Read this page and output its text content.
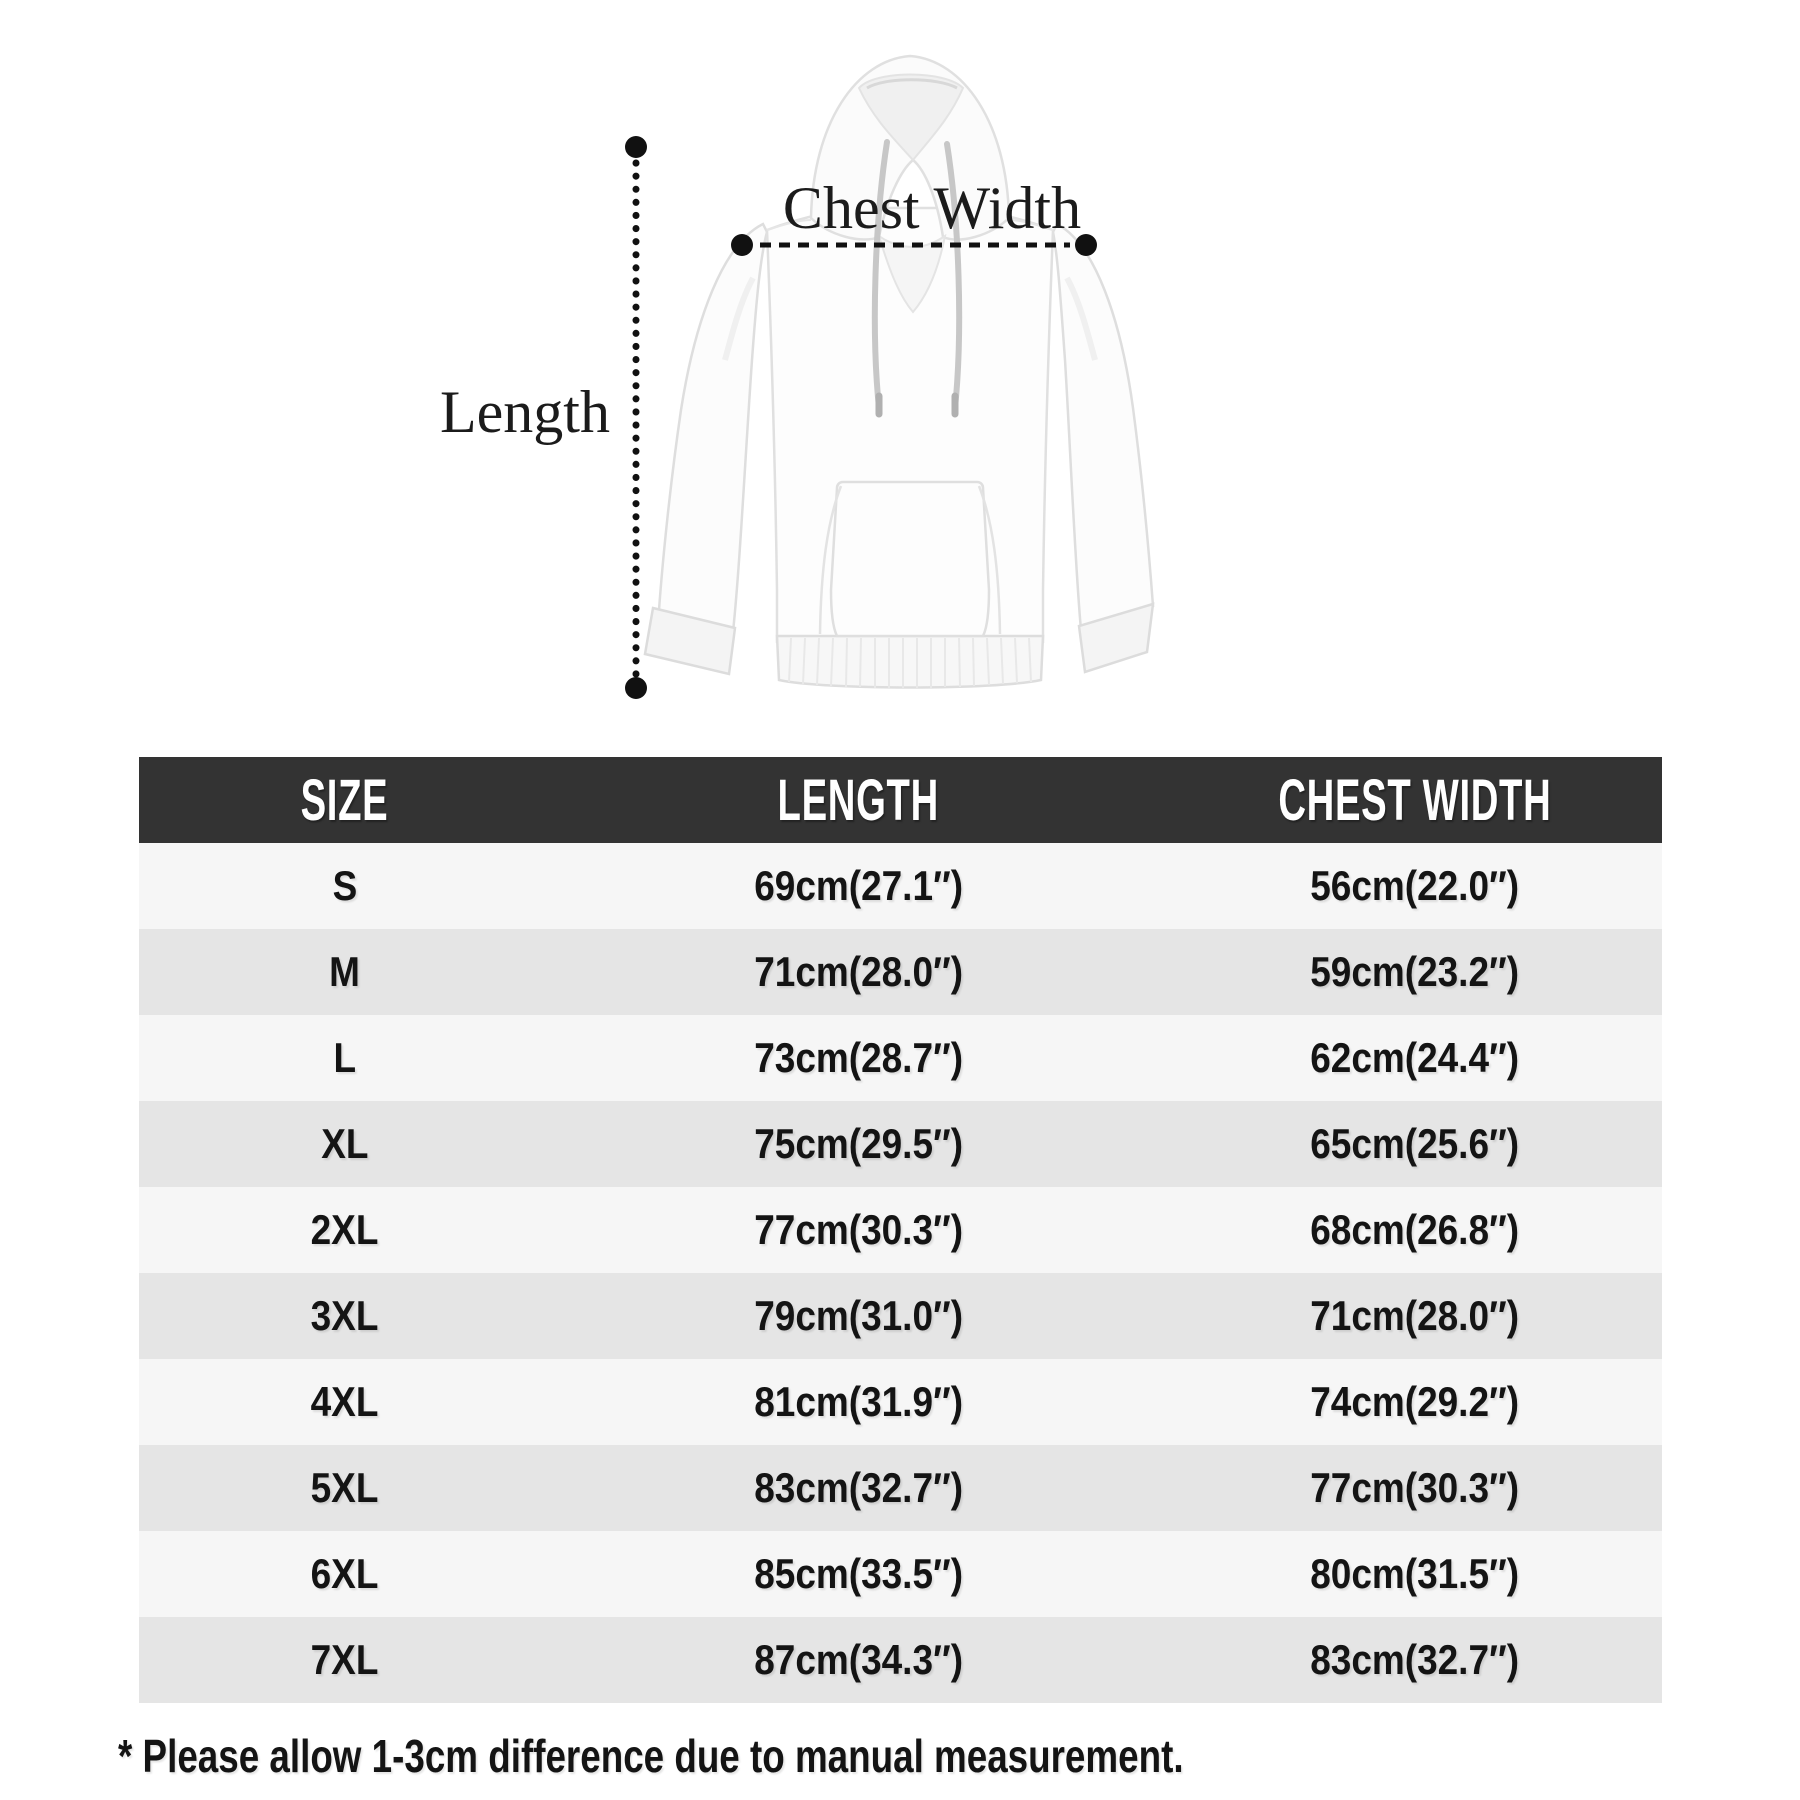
Length
Chest Width
SIZE	LENGTH	CHEST WIDTH
S	69cm(27.1″)	56cm(22.0″)
M	71cm(28.0″)	59cm(23.2″)
L	73cm(28.7″)	62cm(24.4″)
XL	75cm(29.5″)	65cm(25.6″)
2XL	77cm(30.3″)	68cm(26.8″)
3XL	79cm(31.0″)	71cm(28.0″)
4XL	81cm(31.9″)	74cm(29.2″)
5XL	83cm(32.7″)	77cm(30.3″)
6XL	85cm(33.5″)	80cm(31.5″)
7XL	87cm(34.3″)	83cm(32.7″)
* Please allow 1-3cm difference due to manual measurement.
